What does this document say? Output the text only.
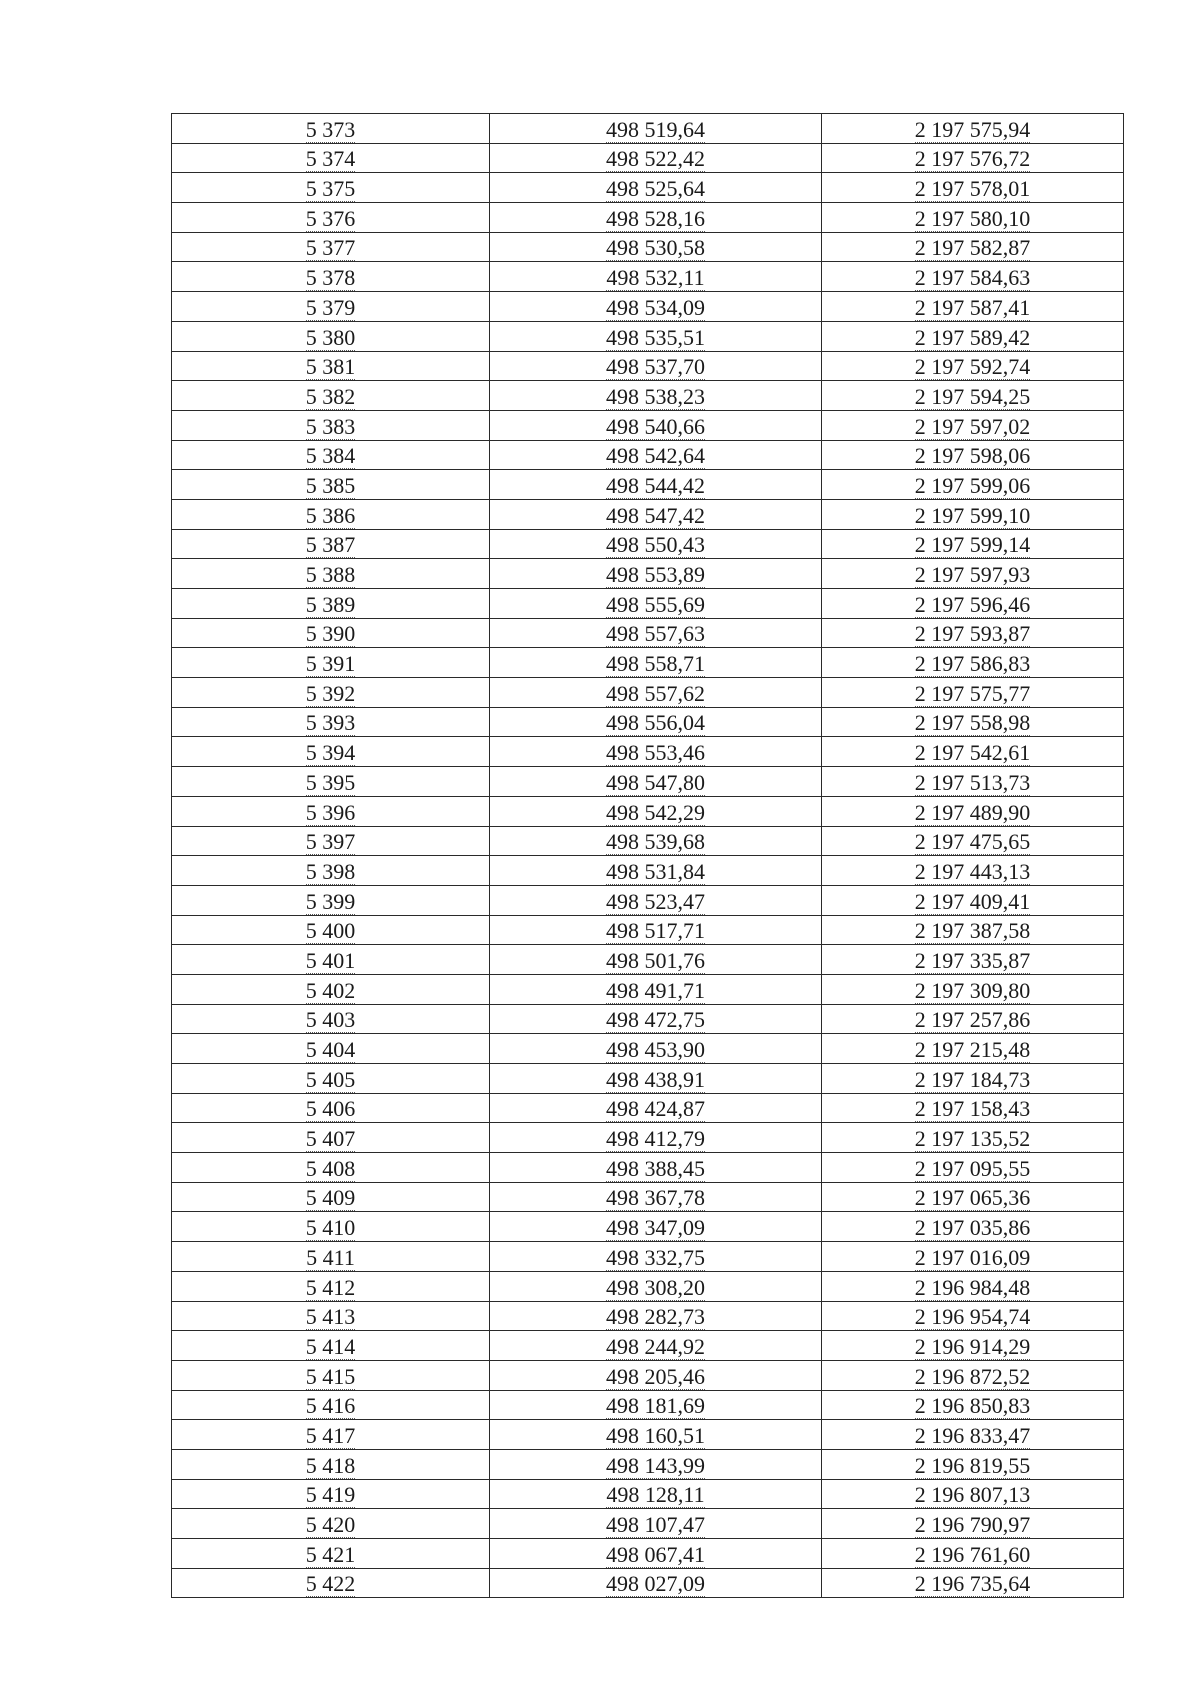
5 373	498 519,64	2 197 575,94
5 374	498 522,42	2 197 576,72
5 375	498 525,64	2 197 578,01
5 376	498 528,16	2 197 580,10
5 377	498 530,58	2 197 582,87
5 378	498 532,11	2 197 584,63
5 379	498 534,09	2 197 587,41
5 380	498 535,51	2 197 589,42
5 381	498 537,70	2 197 592,74
5 382	498 538,23	2 197 594,25
5 383	498 540,66	2 197 597,02
5 384	498 542,64	2 197 598,06
5 385	498 544,42	2 197 599,06
5 386	498 547,42	2 197 599,10
5 387	498 550,43	2 197 599,14
5 388	498 553,89	2 197 597,93
5 389	498 555,69	2 197 596,46
5 390	498 557,63	2 197 593,87
5 391	498 558,71	2 197 586,83
5 392	498 557,62	2 197 575,77
5 393	498 556,04	2 197 558,98
5 394	498 553,46	2 197 542,61
5 395	498 547,80	2 197 513,73
5 396	498 542,29	2 197 489,90
5 397	498 539,68	2 197 475,65
5 398	498 531,84	2 197 443,13
5 399	498 523,47	2 197 409,41
5 400	498 517,71	2 197 387,58
5 401	498 501,76	2 197 335,87
5 402	498 491,71	2 197 309,80
5 403	498 472,75	2 197 257,86
5 404	498 453,90	2 197 215,48
5 405	498 438,91	2 197 184,73
5 406	498 424,87	2 197 158,43
5 407	498 412,79	2 197 135,52
5 408	498 388,45	2 197 095,55
5 409	498 367,78	2 197 065,36
5 410	498 347,09	2 197 035,86
5 411	498 332,75	2 197 016,09
5 412	498 308,20	2 196 984,48
5 413	498 282,73	2 196 954,74
5 414	498 244,92	2 196 914,29
5 415	498 205,46	2 196 872,52
5 416	498 181,69	2 196 850,83
5 417	498 160,51	2 196 833,47
5 418	498 143,99	2 196 819,55
5 419	498 128,11	2 196 807,13
5 420	498 107,47	2 196 790,97
5 421	498 067,41	2 196 761,60
5 422	498 027,09	2 196 735,64
